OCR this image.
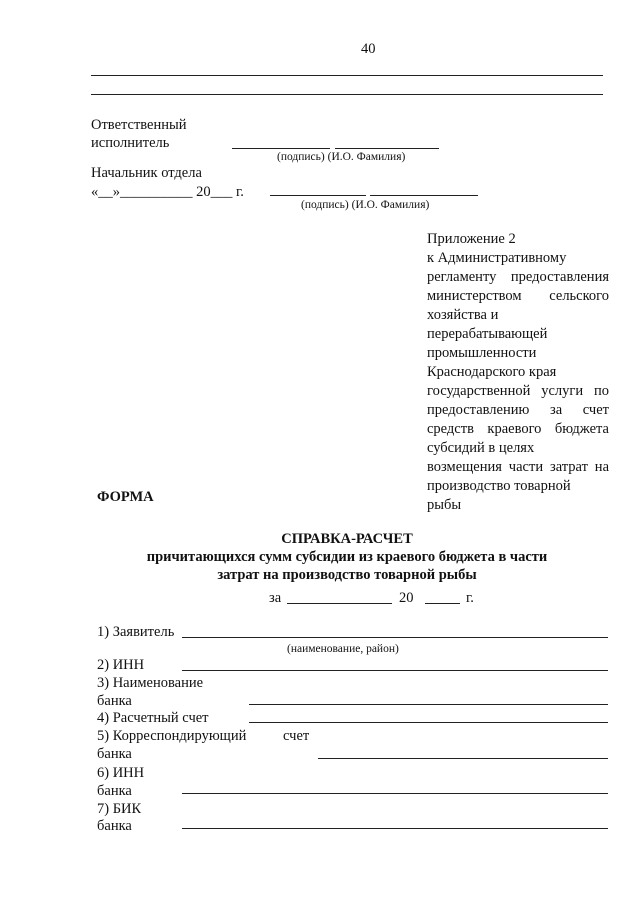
40
Ответственный
исполнитель
(подпись) (И.О. Фамилия)
Начальник отдела
«__»__________ 20___ г.
(подпись) (И.О. Фамилия)
Приложение 2
к Административному
регламенту предоставления
министерством сельского
хозяйства и
перерабатывающей
промышленности
Краснодарского края
государственной услуги по
предоставлению за счет
средств краевого бюджета
субсидий в целях
возмещения части затрат на
производство товарной
рыбы
ФОРМА
СПРАВКА-РАСЧЕТ
причитающихся сумм субсидии из краевого бюджета в части
затрат на производство товарной рыбы
за	20	г.
1) Заявитель
(наименование, район)
2) ИНН
3) Наименование
банка
4) Расчетный счет
5) Корреспондирующий	счет
банка
6) ИНН
банка
7) БИК
банка
